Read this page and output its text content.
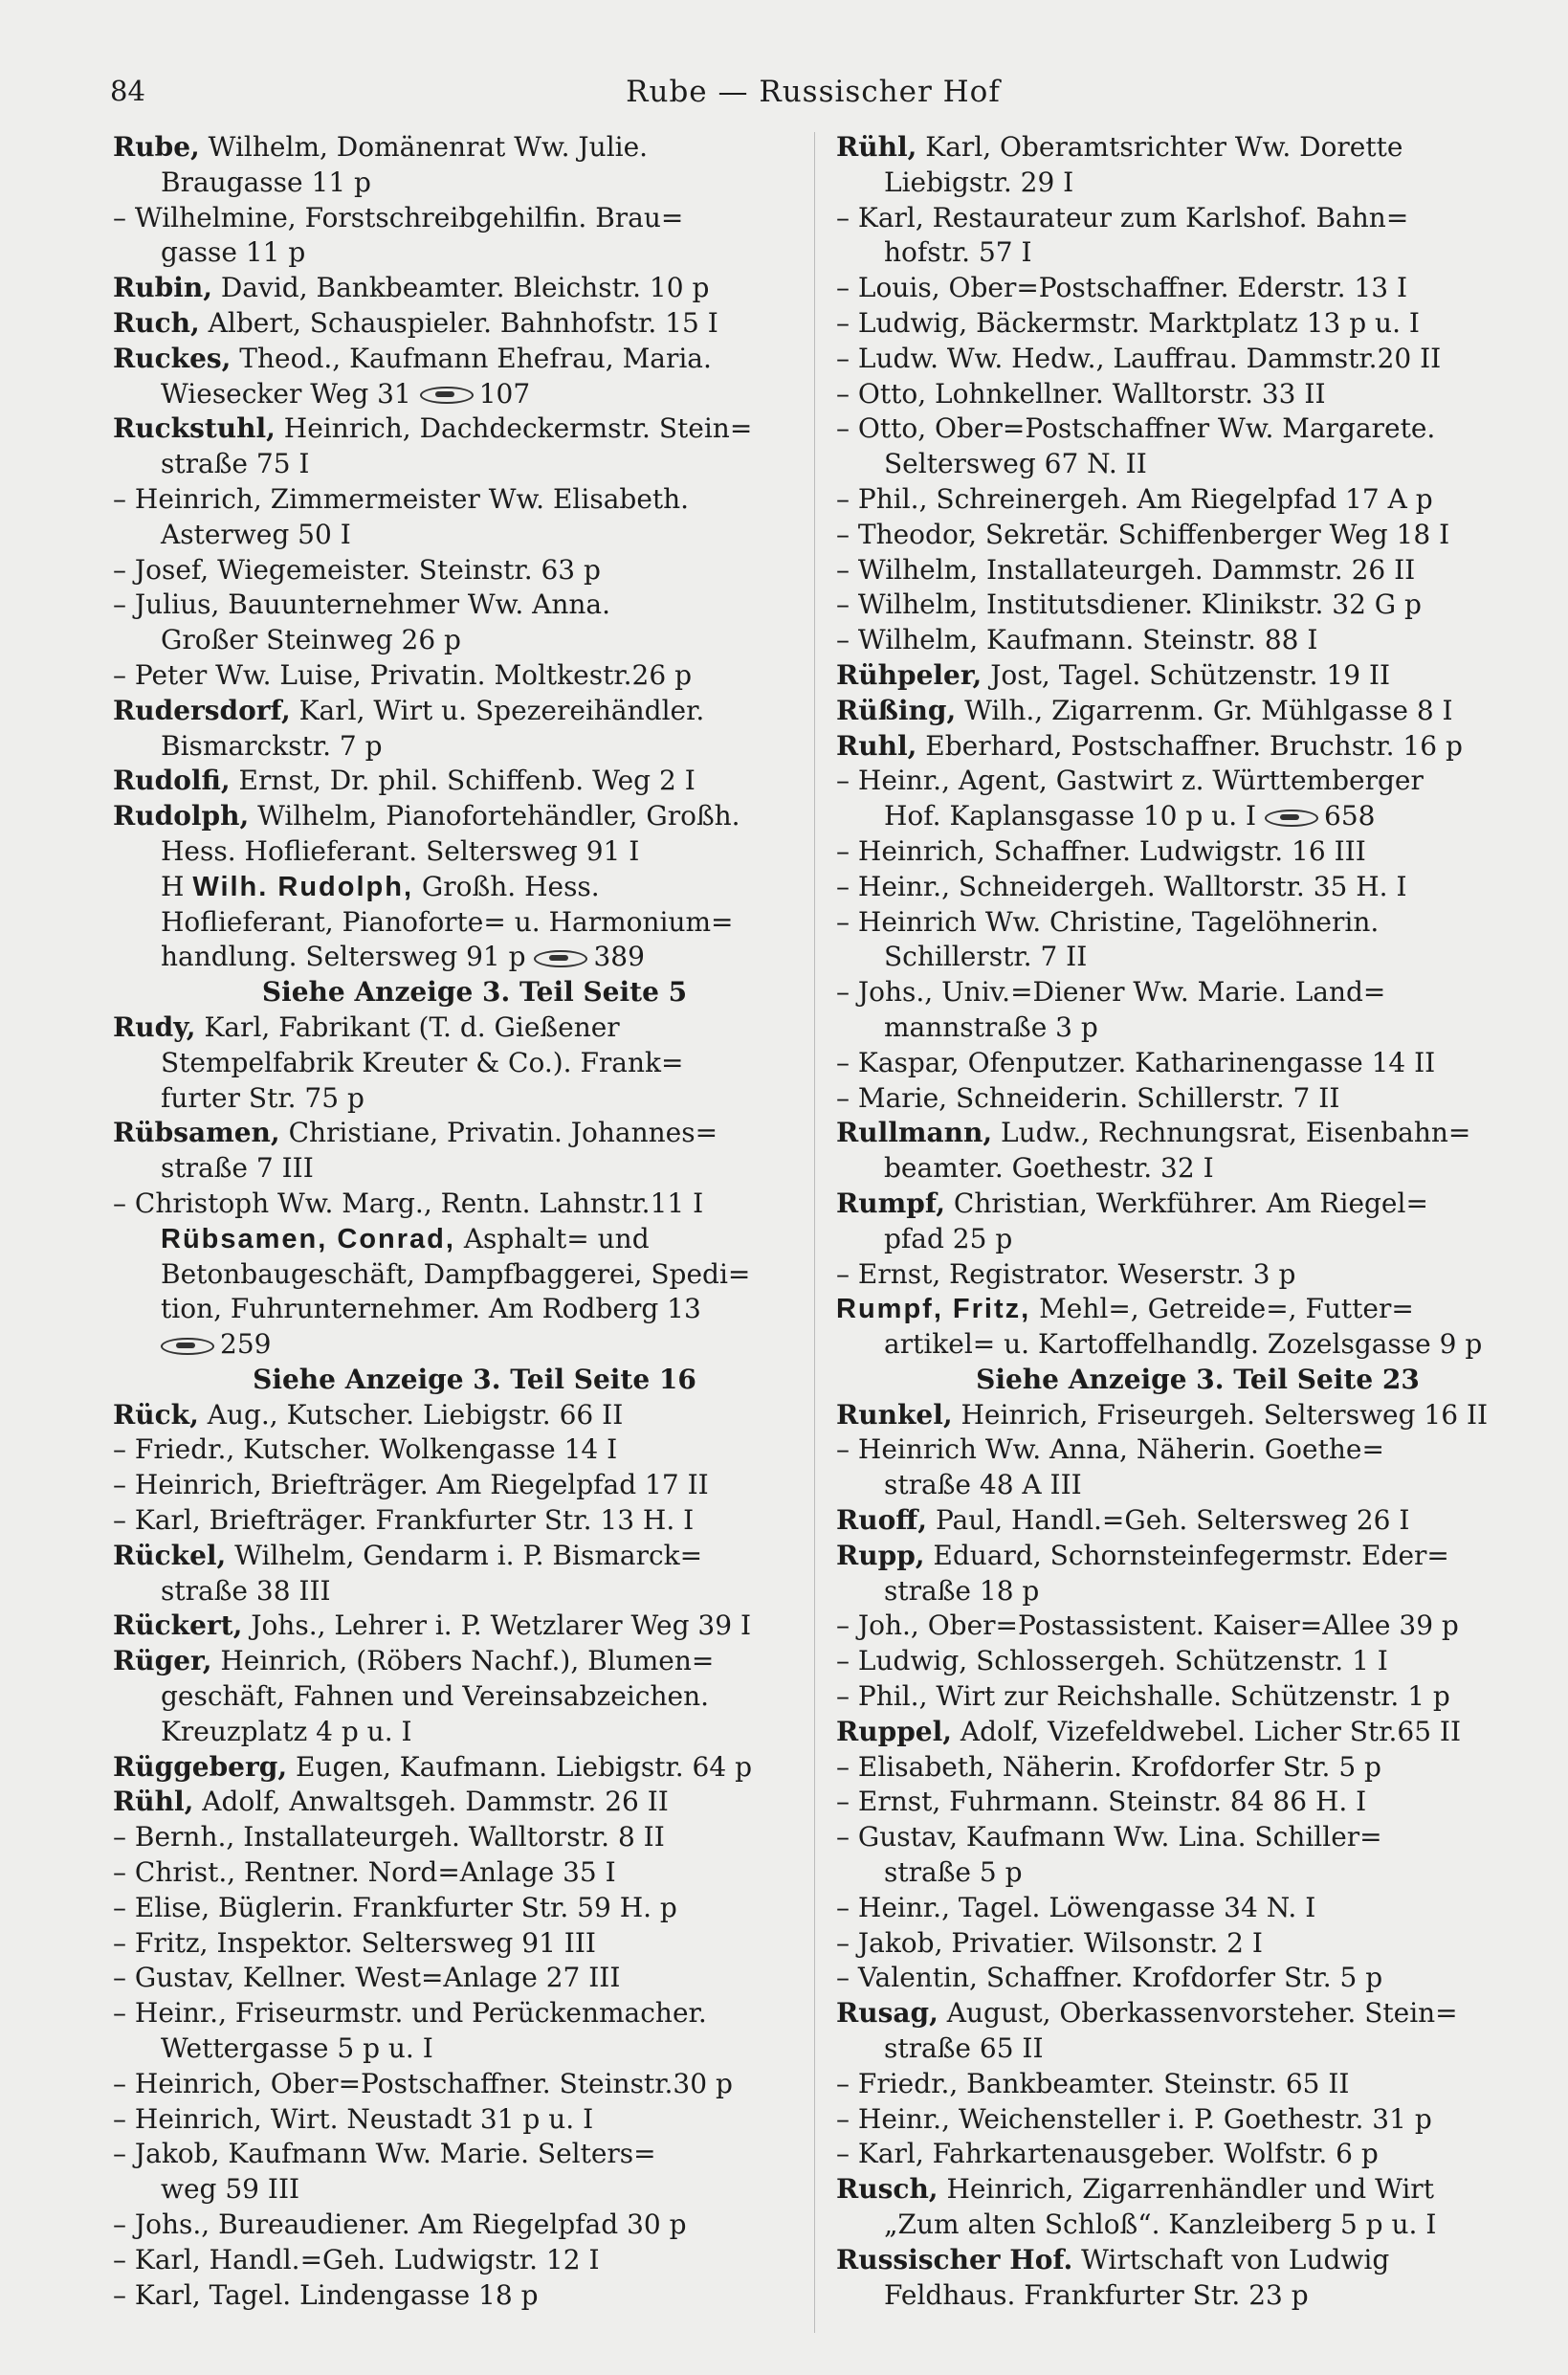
84	Rube — Russischer Hof
Rube, Wilhelm, Domänenrat Ww. Julie.
Braugasse 11 p
– Wilhelmine, Forstschreibgehilfin. Brau=
gasse 11 p
Rubin, David, Bankbeamter. Bleichstr. 10 p
Ruch, Albert, Schauspieler. Bahnhofstr. 15 I
Ruckes, Theod., Kaufmann Ehefrau, Maria.
Wiesecker Weg 31	107
Ruckstuhl, Heinrich, Dachdeckermstr. Stein=
straße 75 I
– Heinrich, Zimmermeister Ww. Elisabeth.
Asterweg 50 I
– Josef, Wiegemeister. Steinstr. 63 p
– Julius, Bauunternehmer Ww. Anna.
Großer Steinweg 26 p
– Peter Ww. Luise, Privatin. Moltkestr.26 p
Rudersdorf, Karl, Wirt u. Spezereihändler.
Bismarckstr. 7 p
Rudolfi, Ernst, Dr. phil. Schiffenb. Weg 2 I
Rudolph, Wilhelm, Pianofortehändler, Großh.
Hess. Hoflieferant. Seltersweg 91 I
H Wilh. Rudolph, Großh. Hess.
Hoflieferant, Pianoforte= u. Harmonium=
handlung. Seltersweg 91 p	389
Siehe Anzeige 3. Teil Seite 5
Rudy, Karl, Fabrikant (T. d. Gießener
Stempelfabrik Kreuter & Co.). Frank=
furter Str. 75 p
Rübsamen, Christiane, Privatin. Johannes=
straße 7 III
– Christoph Ww. Marg., Rentn. Lahnstr.11 I
Rübsamen, Conrad, Asphalt= und
Betonbaugeschäft, Dampfbaggerei, Spedi=
tion, Fuhrunternehmer. Am Rodberg 13
259
Siehe Anzeige 3. Teil Seite 16
Rück, Aug., Kutscher. Liebigstr. 66 II
– Friedr., Kutscher. Wolkengasse 14 I
– Heinrich, Briefträger. Am Riegelpfad 17 II
– Karl, Briefträger. Frankfurter Str. 13 H. I
Rückel, Wilhelm, Gendarm i. P. Bismarck=
straße 38 III
Rückert, Johs., Lehrer i. P. Wetzlarer Weg 39 I
Rüger, Heinrich, (Röbers Nachf.), Blumen=
geschäft, Fahnen und Vereinsabzeichen.
Kreuzplatz 4 p u. I
Rüggeberg, Eugen, Kaufmann. Liebigstr. 64 p
Rühl, Adolf, Anwaltsgeh. Dammstr. 26 II
– Bernh., Installateurgeh. Walltorstr. 8 II
– Christ., Rentner. Nord=Anlage 35 I
– Elise, Büglerin. Frankfurter Str. 59 H. p
– Fritz, Inspektor. Seltersweg 91 III
– Gustav, Kellner. West=Anlage 27 III
– Heinr., Friseurmstr. und Perückenmacher.
Wettergasse 5 p u. I
– Heinrich, Ober=Postschaffner. Steinstr.30 p
– Heinrich, Wirt. Neustadt 31 p u. I
– Jakob, Kaufmann Ww. Marie. Selters=
weg 59 III
– Johs., Bureaudiener. Am Riegelpfad 30 p
– Karl, Handl.=Geh. Ludwigstr. 12 I
– Karl, Tagel. Lindengasse 18 p
Rühl, Karl, Oberamtsrichter Ww. Dorette
Liebigstr. 29 I
– Karl, Restaurateur zum Karlshof. Bahn=
hofstr. 57 I
– Louis, Ober=Postschaffner. Ederstr. 13 I
– Ludwig, Bäckermstr. Marktplatz 13 p u. I
– Ludw. Ww. Hedw., Lauffrau. Dammstr.20 II
– Otto, Lohnkellner. Walltorstr. 33 II
– Otto, Ober=Postschaffner Ww. Margarete.
Seltersweg 67 N. II
– Phil., Schreinergeh. Am Riegelpfad 17 A p
– Theodor, Sekretär. Schiffenberger Weg 18 I
– Wilhelm, Installateurgeh. Dammstr. 26 II
– Wilhelm, Institutsdiener. Klinikstr. 32 G p
– Wilhelm, Kaufmann. Steinstr. 88 I
Rühpeler, Jost, Tagel. Schützenstr. 19 II
Rüßing, Wilh., Zigarrenm. Gr. Mühlgasse 8 I
Ruhl, Eberhard, Postschaffner. Bruchstr. 16 p
– Heinr., Agent, Gastwirt z. Württemberger
Hof. Kaplansgasse 10 p u. I	658
– Heinrich, Schaffner. Ludwigstr. 16 III
– Heinr., Schneidergeh. Walltorstr. 35 H. I
– Heinrich Ww. Christine, Tagelöhnerin.
Schillerstr. 7 II
– Johs., Univ.=Diener Ww. Marie. Land=
mannstraße 3 p
– Kaspar, Ofenputzer. Katharinengasse 14 II
– Marie, Schneiderin. Schillerstr. 7 II
Rullmann, Ludw., Rechnungsrat, Eisenbahn=
beamter. Goethestr. 32 I
Rumpf, Christian, Werkführer. Am Riegel=
pfad 25 p
– Ernst, Registrator. Weserstr. 3 p
Rumpf, Fritz, Mehl=, Getreide=, Futter=
artikel= u. Kartoffelhandlg. Zozelsgasse 9 p
Siehe Anzeige 3. Teil Seite 23
Runkel, Heinrich, Friseurgeh. Seltersweg 16 II
– Heinrich Ww. Anna, Näherin. Goethe=
straße 48 A III
Ruoff, Paul, Handl.=Geh. Seltersweg 26 I
Rupp, Eduard, Schornsteinfegermstr. Eder=
straße 18 p
– Joh., Ober=Postassistent. Kaiser=Allee 39 p
– Ludwig, Schlossergeh. Schützenstr. 1 I
– Phil., Wirt zur Reichshalle. Schützenstr. 1 p
Ruppel, Adolf, Vizefeldwebel. Licher Str.65 II
– Elisabeth, Näherin. Krofdorfer Str. 5 p
– Ernst, Fuhrmann. Steinstr. 84 86 H. I
– Gustav, Kaufmann Ww. Lina. Schiller=
straße 5 p
– Heinr., Tagel. Löwengasse 34 N. I
– Jakob, Privatier. Wilsonstr. 2 I
– Valentin, Schaffner. Krofdorfer Str. 5 p
Rusag, August, Oberkassenvorsteher. Stein=
straße 65 II
– Friedr., Bankbeamter. Steinstr. 65 II
– Heinr., Weichensteller i. P. Goethestr. 31 p
– Karl, Fahrkartenausgeber. Wolfstr. 6 p
Rusch, Heinrich, Zigarrenhändler und Wirt
„Zum alten Schloß“. Kanzleiberg 5 p u. I
Russischer Hof. Wirtschaft von Ludwig
Feldhaus. Frankfurter Str. 23 p
